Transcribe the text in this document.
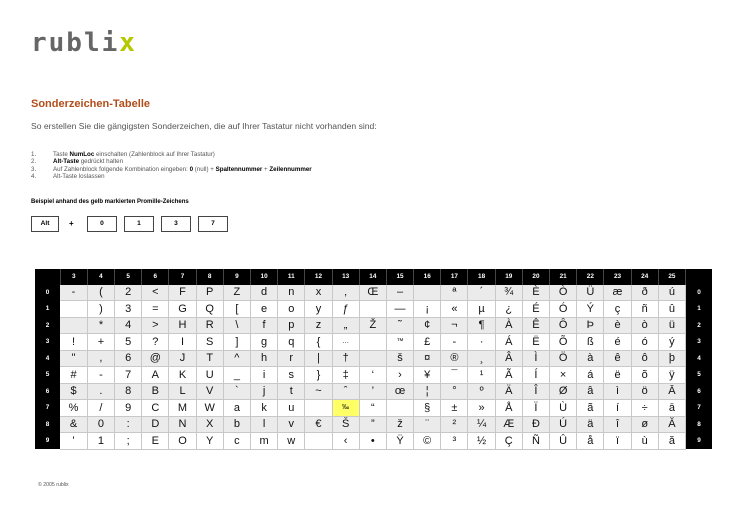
rublix
Sonderzeichen-Tabelle
So erstellen Sie die gängigsten Sonderzeichen, die auf Ihrer Tastatur nicht vorhanden sind:
1.	Taste NumLoc einschalten (Zahlenblock auf Ihrer Tastatur)
2.	Alt-Taste gedrückt halten
3.	Auf Zahlenblock folgende Kombination eingeben: 0 (null) + Spaltennummer + Zeilennummer
4.	Alt-Taste loslassen
Beispiel anhand des gelb markierten Promille-Zeichens
Alt	+	0	1	3	7
	3	4	5	6	7	8	9	10	11	12	13	14	15	16	17	18	19	20	21	22	23	24	25	
0	-	(	2	<	F	P	Z	d	n	x	‚	Œ	–		ª	´	¾	È	Ò	Ü	æ	ð	ú	0
1		)	3	=	G	Q	[	e	o	y	ƒ		—	¡	«	µ	¿	É	Ó	Ý	ç	ñ	û	1
2		*	4	>	H	R	\	f	p	z	„	Ž	˜	¢	¬	¶	À	Ê	Ô	Þ	è	ò	ü	2
3	!	+	5	?	I	S	]	g	q	{	…		™	£	-	·	Á	Ë	Õ	ß	é	ó	ý	3
4	"	,	6	@	J	T	^	h	r	|	†		š	¤	®	¸	Â	Ì	Ö	à	ê	ô	þ	4
5	#	-	7	A	K	U	_	i	s	}	‡	‘	›	¥	¯	¹	Ã	Í	×	á	ë	õ	ÿ	5
6	$	.	8	B	L	V	`	j	t	~	ˆ	’	œ	¦	°	º	Ä	Î	Ø	â	ì	ö	Ā	6
7	%	/	9	C	M	W	a	k	u		‰	“		§	±	»	Å	Ï	Ù	ã	í	÷	ā	7
8	&	0	:	D	N	X	b	l	v	€	Š	”	ž	¨	²	¼	Æ	Ð	Ú	ä	î	ø	Ă	8
9	'	1	;	E	O	Y	c	m	w		‹	•	Ÿ	©	³	½	Ç	Ñ	Û	å	ï	ù	ă	9
© 2005 rublix
